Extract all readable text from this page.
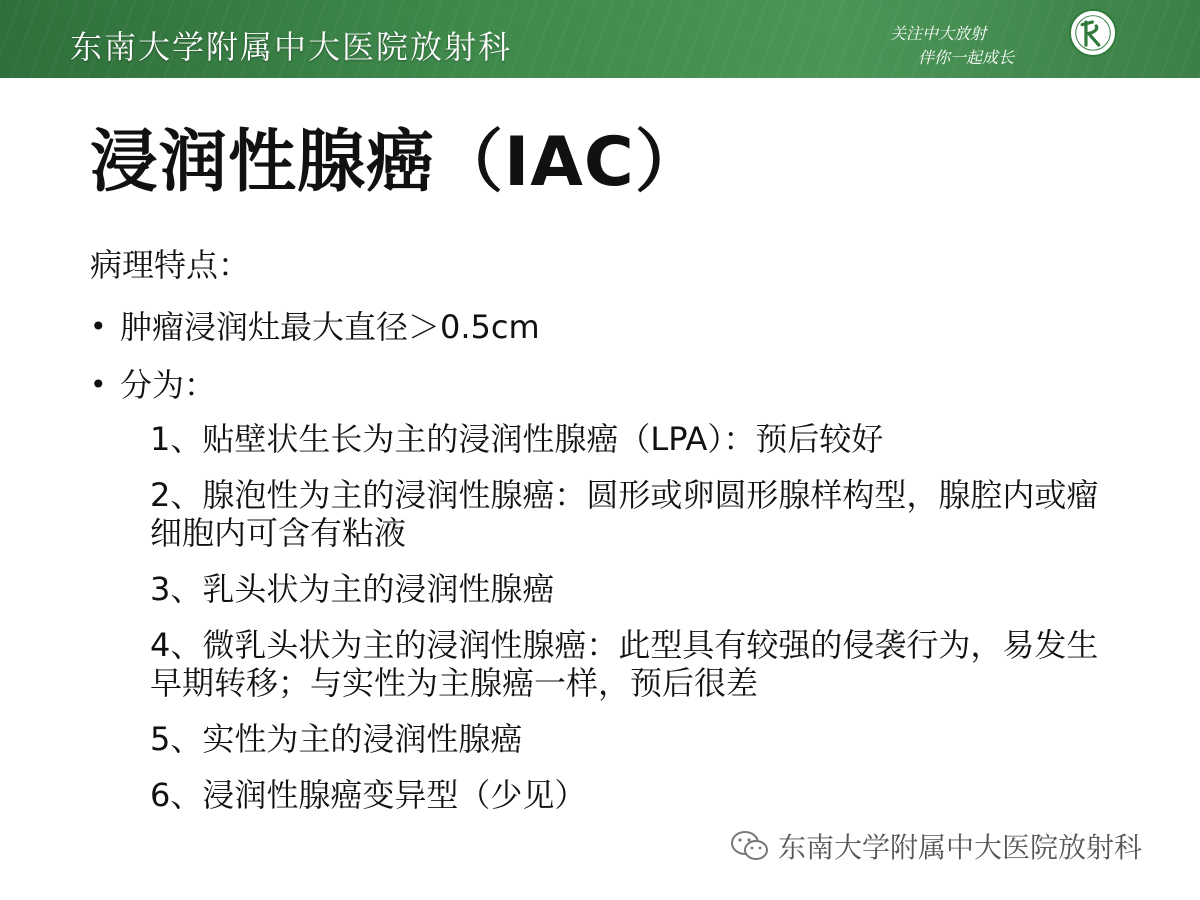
东南大学附属中大医院放射科	关注中大放射
伴你一起成长
浸润性腺癌（IAC）
病理特点：
• 肿瘤浸润灶最大直径＞0.5cm
• 分为：
1、贴壁状生长为主的浸润性腺癌（LPA）：预后较好
2、腺泡性为主的浸润性腺癌：圆形或卵圆形腺样构型，腺腔内或瘤细胞内可含有粘液
3、乳头状为主的浸润性腺癌
4、微乳头状为主的浸润性腺癌：此型具有较强的侵袭行为，易发生早期转移；与实性为主腺癌一样，预后很差
5、实性为主的浸润性腺癌
6、浸润性腺癌变异型（少见）
东南大学附属中大医院放射科
